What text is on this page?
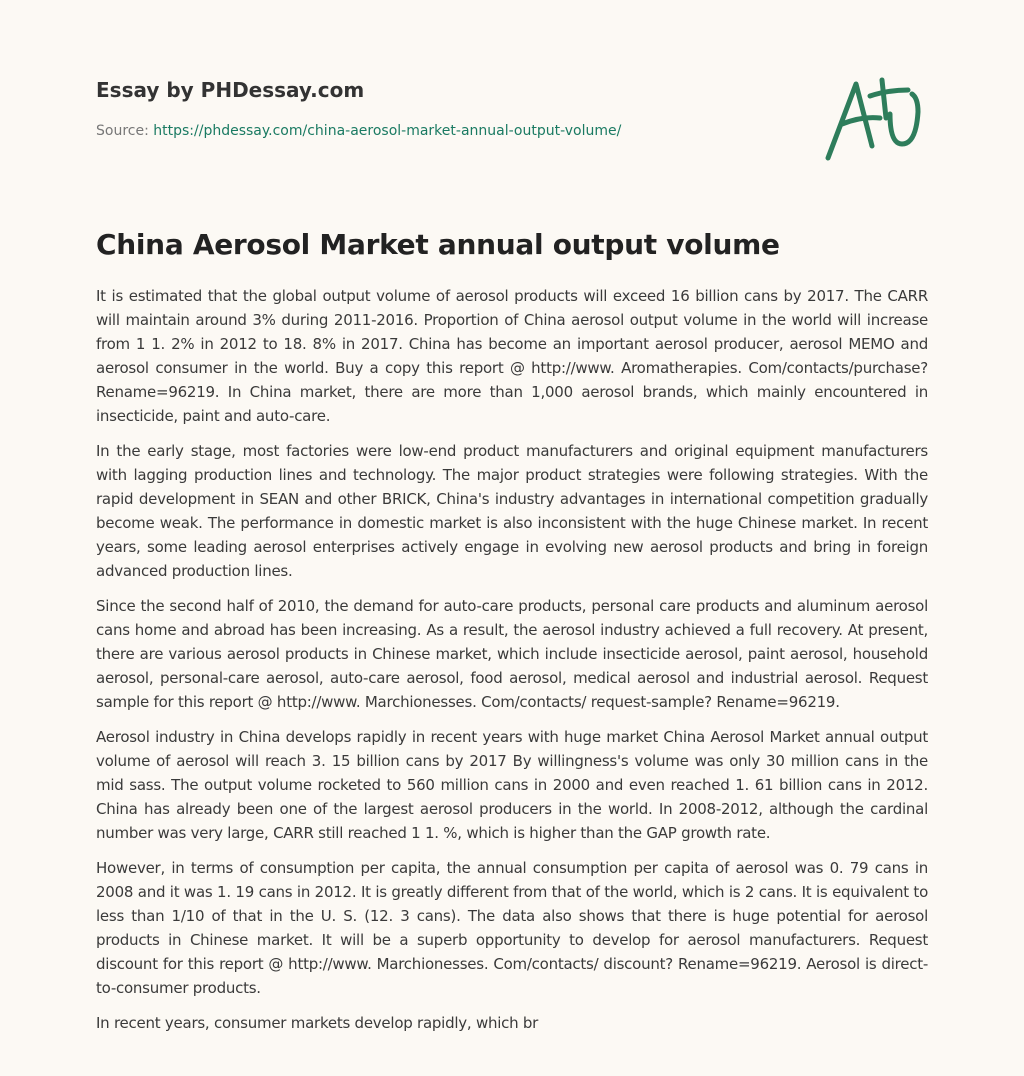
Essay by PHDessay.com
Source: https://phdessay.com/china-aerosol-market-annual-output-volume/
China Aerosol Market annual output volume

It is estimated that the global output volume of aerosol products will exceed 16 billion cans by 2017. The CARR will maintain around 3% during 2011-2016. Proportion of China aerosol output volume in the world will increase from 1 1. 2% in 2012 to 18. 8% in 2017. China has become an important aerosol producer, aerosol MEMO and aerosol consumer in the world. Buy a copy this report @ http://www. Aromatherapies. Com/contacts/purchase? Rename=96219. In China market, there are more than 1,000 aerosol brands, which mainly encountered in insecticide, paint and auto-care.

In the early stage, most factories were low-end product manufacturers and original equipment manufacturers with lagging production lines and technology. The major product strategies were following strategies. With the rapid development in SEAN and other BRICK, China's industry advantages in international competition gradually become weak. The performance in domestic market is also inconsistent with the huge Chinese market. In recent years, some leading aerosol enterprises actively engage in evolving new aerosol products and bring in foreign advanced production lines.

Since the second half of 2010, the demand for auto-care products, personal care products and aluminum aerosol cans home and abroad has been increasing. As a result, the aerosol industry achieved a full recovery. At present, there are various aerosol products in Chinese market, which include insecticide aerosol, paint aerosol, household aerosol, personal-care aerosol, auto-care aerosol, food aerosol, medical aerosol and industrial aerosol. Request sample for this report @ http://www. Marchionesses. Com/contacts/ request-sample? Rename=96219.

Aerosol industry in China develops rapidly in recent years with huge market China Aerosol Market annual output volume of aerosol will reach 3. 15 billion cans by 2017 By willingness's volume was only 30 million cans in the mid sass. The output volume rocketed to 560 million cans in 2000 and even reached 1. 61 billion cans in 2012. China has already been one of the largest aerosol producers in the world. In 2008-2012, although the cardinal number was very large, CARR still reached 1 1. %, which is higher than the GAP growth rate.

However, in terms of consumption per capita, the annual consumption per capita of aerosol was 0. 79 cans in 2008 and it was 1. 19 cans in 2012. It is greatly different from that of the world, which is 2 cans. It is equivalent to less than 1/10 of that in the U. S. (12. 3 cans). The data also shows that there is huge potential for aerosol products in Chinese market. It will be a superb opportunity to develop for aerosol manufacturers. Request discount for this report @ http://www. Marchionesses. Com/contacts/ discount? Rename=96219. Aerosol is direct-to-consumer products.

In recent years, consumer markets develop rapidly, which br
